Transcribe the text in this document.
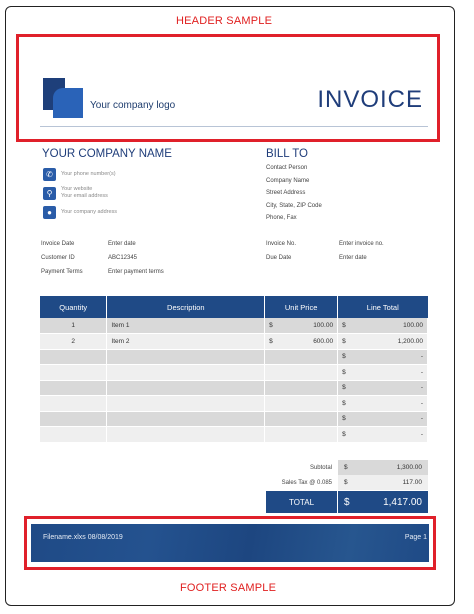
HEADER SAMPLE
Your company logo	INVOICE
YOUR COMPANY NAME
✆	Your phone number(s)
⚲	Your website
Your email address
●	Your company address
BILL TO
Contact Person
Company Name
Street Address
City, State, ZIP Code
Phone, Fax
Invoice Date	Enter date
Customer ID	ABC12345
Payment Terms	Enter payment terms
Invoice No.	Enter invoice no.
Due Date	Enter date
Quantity	Description	Unit Price	Line Total
1	Item 1	$ 100.00	$ 100.00

2	Item 2	$ 600.00	$ 1,200.00

			$ -

			$ -

			$ -

			$ -

			$ -

			$ -
Subtotal $	1,300.00
Sales Tax @ 0.085 $	117.00
TOTAL	$	1,417.00
Filename.xlxs 08/08/2019	Page 1
FOOTER SAMPLE
